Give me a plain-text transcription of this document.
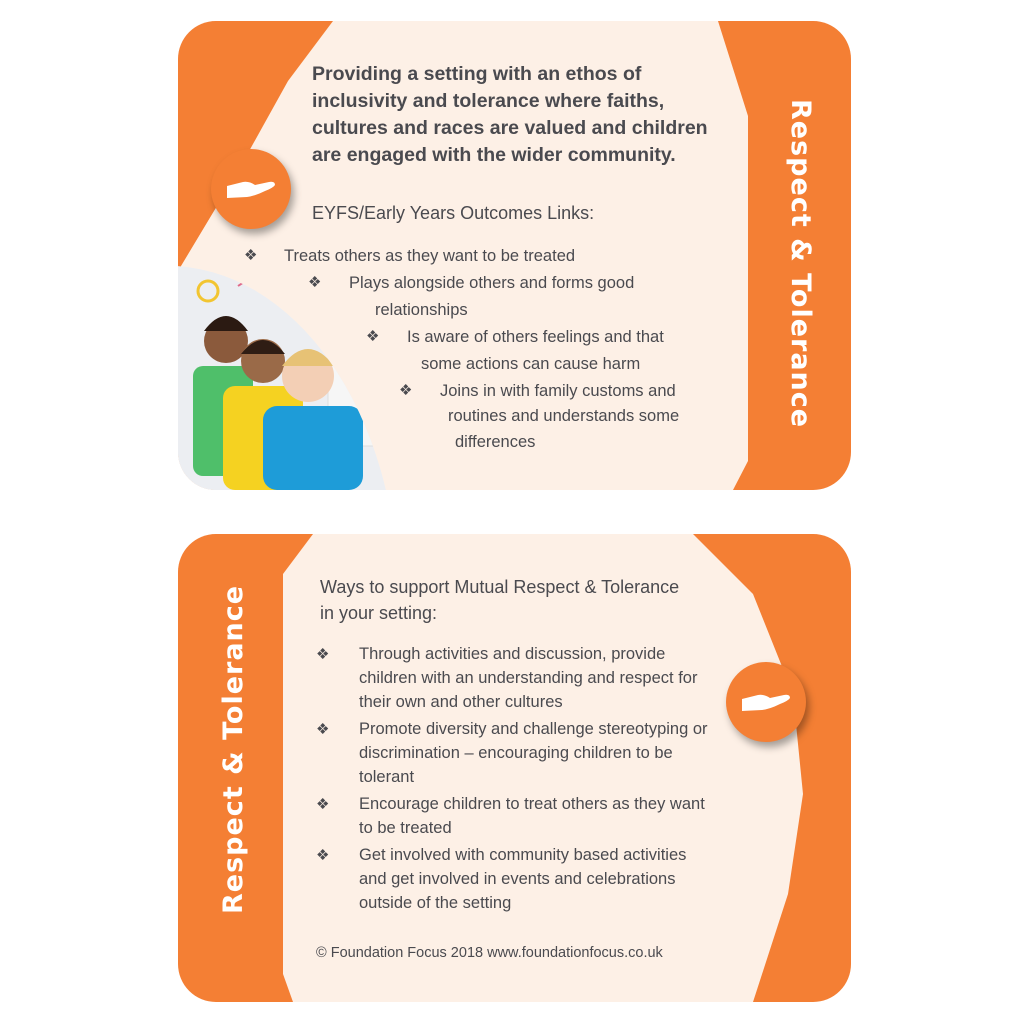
Providing a setting with an ethos of inclusivity and tolerance where faiths, cultures and races are valued and children are engaged with the wider community.
EYFS/Early Years Outcomes Links:
❖ Treats others as they want to be treated
❖ Plays alongside others and forms good
relationships
❖ Is aware of others feelings and that
some actions can cause harm
❖ Joins in with family customs and
routines and understands some
differences
Respect & Tolerance
Respect & Tolerance	Ways to support Mutual Respect & Tolerance in your setting:
❖ Through activities and discussion, provide children with an understanding and respect for their own and other cultures
❖ Promote diversity and challenge stereotyping or discrimination – encouraging children to be tolerant
❖ Encourage children to treat others as they want to be treated
❖ Get involved with community based activities and get involved in events and celebrations outside of the setting
© Foundation Focus 2018 www.foundationfocus.co.uk
